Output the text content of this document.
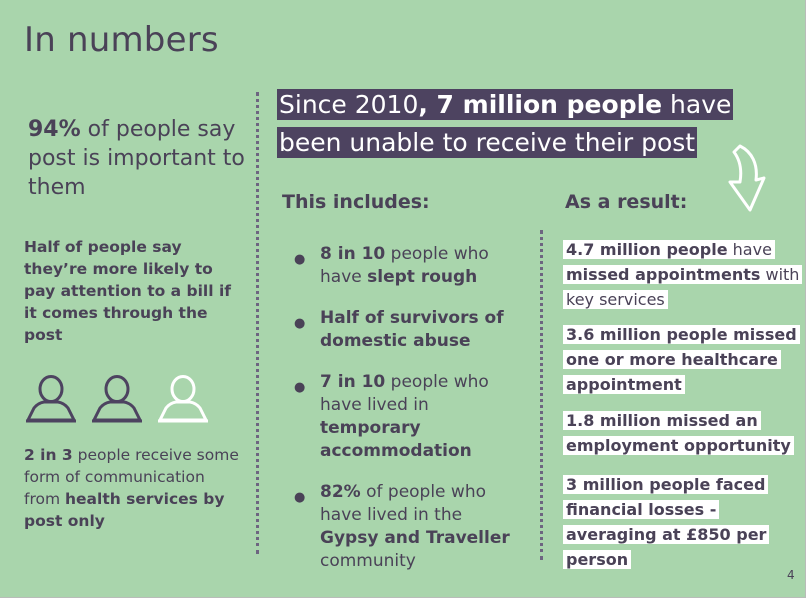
In numbers
94% of people say post is important to them
Half of people say they’re more likely to pay attention to a bill if it comes through the post
2 in 3 people receive some form of communication from health services by post only
Since 2010, 7 million people have
been unable to receive their post
This includes:
● 8 in 10 people who have slept rough
● Half of survivors of domestic abuse
● 7 in 10 people who have lived in temporary accommodation
● 82% of people who have lived in the Gypsy and Traveller community
As a result:
4.7 million people have missed appointments with key services
3.6 million people missed one or more healthcare appointment
1.8 million missed an employment opportunity
3 million people faced financial losses - averaging at £850 per person
4
